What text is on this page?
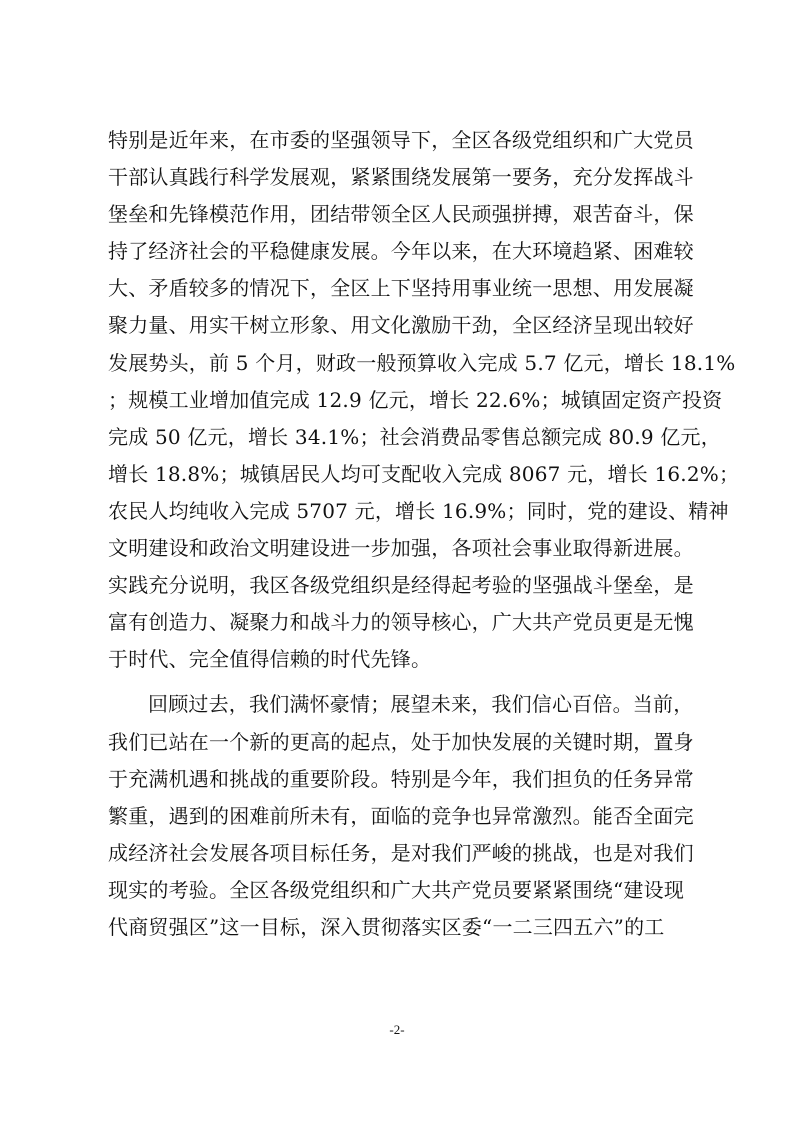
特别是近年来，在市委的坚强领导下，全区各级党组织和广大党员
干部认真践行科学发展观，紧紧围绕发展第一要务，充分发挥战斗
堡垒和先锋模范作用，团结带领全区人民顽强拼搏，艰苦奋斗，保
持了经济社会的平稳健康发展。今年以来，在大环境趋紧、困难较
大、矛盾较多的情况下，全区上下坚持用事业统一思想、用发展凝
聚力量、用实干树立形象、用文化激励干劲，全区经济呈现出较好
发展势头，前 5 个月，财政一般预算收入完成 5.7 亿元，增长 18.1%
；规模工业增加值完成 12.9 亿元，增长 22.6%；城镇固定资产投资
完成 50 亿元，增长 34.1%；社会消费品零售总额完成 80.9 亿元，
增长 18.8%；城镇居民人均可支配收入完成 8067 元，增长 16.2%；
农民人均纯收入完成 5707 元，增长 16.9%；同时，党的建设、精神
文明建设和政治文明建设进一步加强，各项社会事业取得新进展。
实践充分说明，我区各级党组织是经得起考验的坚强战斗堡垒，是
富有创造力、凝聚力和战斗力的领导核心，广大共产党员更是无愧
于时代、完全值得信赖的时代先锋。
回顾过去，我们满怀豪情；展望未来，我们信心百倍。当前，
我们已站在一个新的更高的起点，处于加快发展的关键时期，置身
于充满机遇和挑战的重要阶段。特别是今年，我们担负的任务异常
繁重，遇到的困难前所未有，面临的竞争也异常激烈。能否全面完
成经济社会发展各项目标任务，是对我们严峻的挑战，也是对我们
现实的考验。全区各级党组织和广大共产党员要紧紧围绕“建设现
代商贸强区”这一目标，深入贯彻落实区委“一二三四五六”的工
-2-
